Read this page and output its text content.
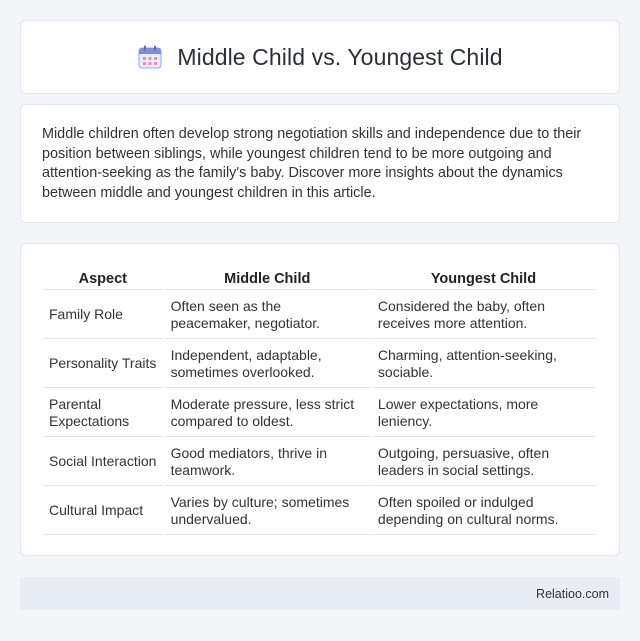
Middle Child vs. Youngest Child

Middle children often develop strong negotiation skills and independence due to their position between siblings, while youngest children tend to be more outgoing and attention-seeking as the family's baby. Discover more insights about the dynamics between middle and youngest children in this article.

Aspect	Middle Child	Youngest Child
Family Role	Often seen as the peacemaker, negotiator.	Considered the baby, often receives more attention.
Personality Traits	Independent, adaptable, sometimes overlooked.	Charming, attention-seeking, sociable.
Parental Expectations	Moderate pressure, less strict compared to oldest.	Lower expectations, more leniency.
Social Interaction	Good mediators, thrive in teamwork.	Outgoing, persuasive, often leaders in social settings.
Cultural Impact	Varies by culture; sometimes undervalued.	Often spoiled or indulged depending on cultural norms.
Relatioo.com
